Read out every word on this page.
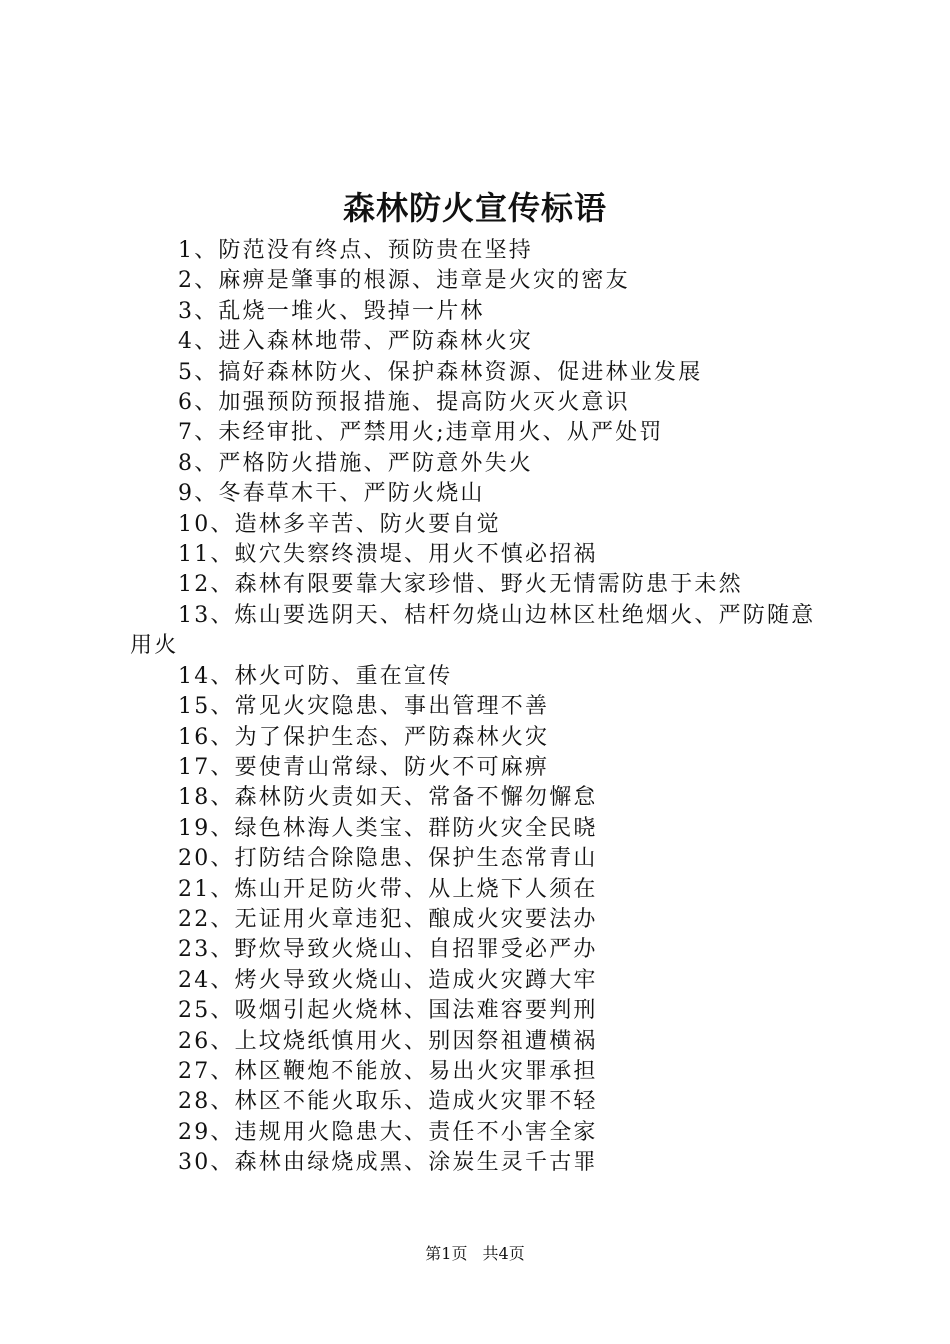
森林防火宣传标语
1、防范没有终点、预防贵在坚持
2、麻痹是肇事的根源、违章是火灾的密友
3、乱烧一堆火、毁掉一片林
4、进入森林地带、严防森林火灾
5、搞好森林防火、保护森林资源、促进林业发展
6、加强预防预报措施、提高防火灭火意识
7、未经审批、严禁用火;违章用火、从严处罚
8、严格防火措施、严防意外失火
9、冬春草木干、严防火烧山
10、造林多辛苦、防火要自觉
11、蚁穴失察终溃堤、用火不慎必招祸
12、森林有限要靠大家珍惜、野火无情需防患于未然
13、炼山要选阴天、桔杆勿烧山边林区杜绝烟火、严防随意用火
14、林火可防、重在宣传
15、常见火灾隐患、事出管理不善
16、为了保护生态、严防森林火灾
17、要使青山常绿、防火不可麻痹
18、森林防火责如天、常备不懈勿懈怠
19、绿色林海人类宝、群防火灾全民晓
20、打防结合除隐患、保护生态常青山
21、炼山开足防火带、从上烧下人须在
22、无证用火章违犯、酿成火灾要法办
23、野炊导致火烧山、自招罪受必严办
24、烤火导致火烧山、造成火灾蹲大牢
25、吸烟引起火烧林、国法难容要判刑
26、上坟烧纸慎用火、别因祭祖遭横祸
27、林区鞭炮不能放、易出火灾罪承担
28、林区不能火取乐、造成火灾罪不轻
29、违规用火隐患大、责任不小害全家
30、森林由绿烧成黑、涂炭生灵千古罪
第1页 共4页
